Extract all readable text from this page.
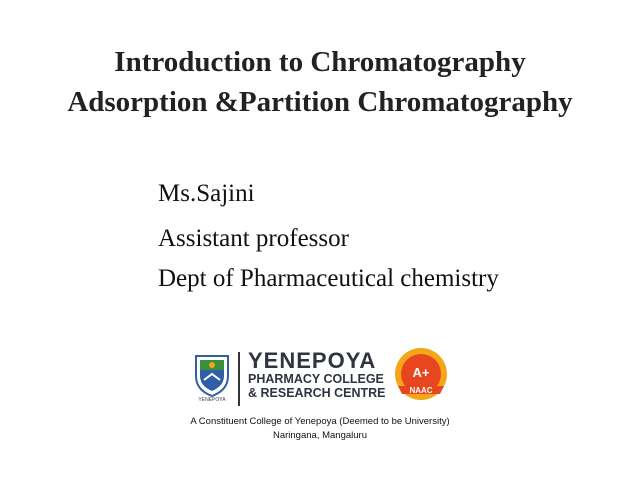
Introduction to Chromatography
Adsorption &Partition Chromatography
Ms.Sajini
Assistant professor
Dept of Pharmaceutical chemistry
YENEPOYA
YENEPOYA
PHARMACY COLLEGE
& RESEARCH CENTRE
A+
NAAC
A Constituent College of Yenepoya (Deemed to be University)
Naringana, Mangaluru
